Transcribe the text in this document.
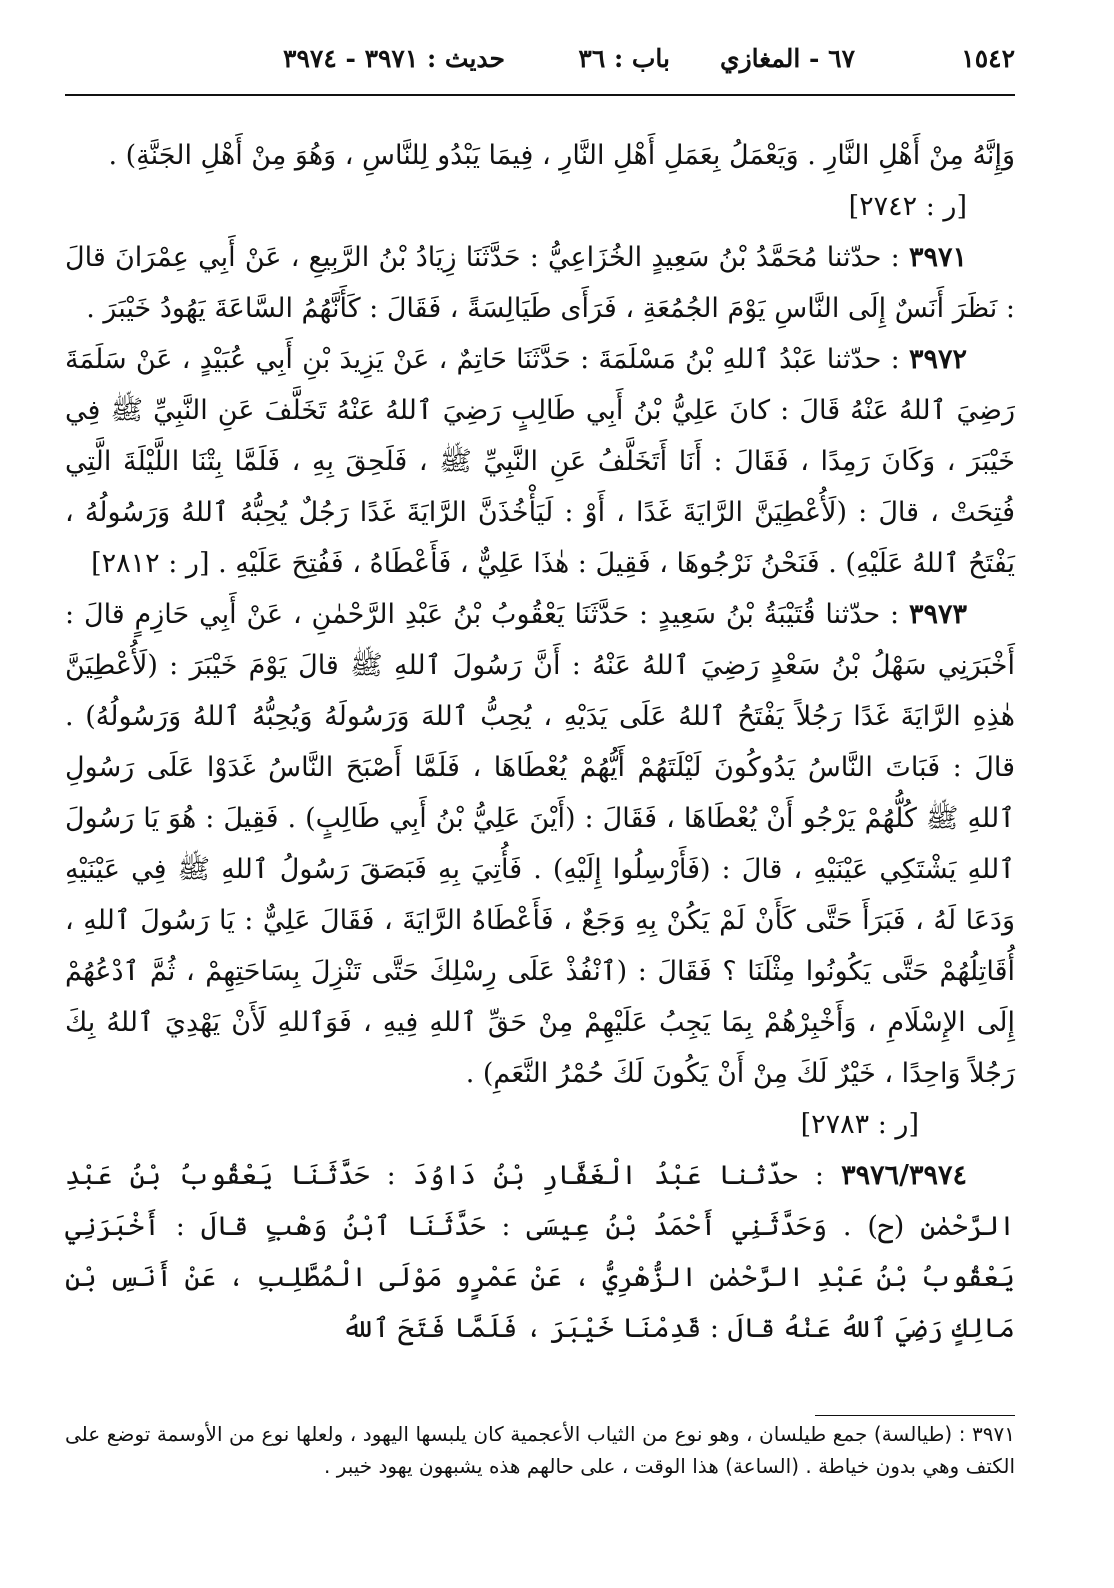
١٥٤٢
٦٧ - المغازي
باب : ٣٦
حديث : ٣٩٧١ - ٣٩٧٤

وَإِنَّهُ مِنْ أَهْلِ النَّارِ . وَيَعْمَلُ بِعَمَلِ أَهْلِ النَّارِ ، فِيمَا يَبْدُو لِلنَّاسِ ، وَهُوَ مِنْ أَهْلِ الجَنَّةِ) .
[ر : ٢٧٤٢]

٣٩٧١ : حدّثنا مُحَمَّدُ بْنُ سَعِيدٍ الخُزَاعِيُّ : حَدَّثَنَا زِيَادُ بْنُ الرَّبِيعِ ، عَنْ أَبِي عِمْرَانَ قالَ : نَظَرَ أَنَسٌ إِلَى النَّاسِ يَوْمَ الجُمُعَةِ ، فَرَأَى طَيَالِسَةً ، فَقَالَ : كَأَنَّهُمُ السَّاعَةَ يَهُودُ خَيْبَرَ .

٣٩٧٢ : حدّثنا عَبْدُ ٱللهِ بْنُ مَسْلَمَةَ : حَدَّثَنَا حَاتِمٌ ، عَنْ يَزِيدَ بْنِ أَبِي عُبَيْدٍ ، عَنْ سَلَمَةَ رَضِيَ ٱللهُ عَنْهُ قَالَ : كانَ عَلِيُّ بْنُ أَبِي طَالِبٍ رَضِيَ ٱللهُ عَنْهُ تَخَلَّفَ عَنِ النَّبِيِّ ﷺ فِي خَيْبَرَ ، وَكَانَ رَمِدًا ، فَقَالَ : أَنَا أَتَخَلَّفُ عَنِ النَّبِيِّ ﷺ ، فَلَحِقَ بِهِ ، فَلَمَّا بِتْنَا اللَّيْلَةَ الَّتِي فُتِحَتْ ، قالَ : (لَأُعْطِيَنَّ الرَّايَةَ غَدًا ، أَوْ : لَيَأْخُذَنَّ الرَّايَةَ غَدًا رَجُلٌ يُحِبُّهُ ٱللهُ وَرَسُولُهُ ، يَفْتَحُ ٱللهُ عَلَيْهِ) . فَنَحْنُ نَرْجُوهَا ، فَقِيلَ : هٰذَا عَلِيٌّ ، فَأَعْطَاهُ ، فَفُتِحَ عَلَيْهِ . [ر : ٢٨١٢]

٣٩٧٣ : حدّثنا قُتَيْبَةُ بْنُ سَعِيدٍ : حَدَّثَنَا يَعْقُوبُ بْنُ عَبْدِ الرَّحْمٰنِ ، عَنْ أَبِي حَازِمٍ قالَ : أَخْبَرَنِي سَهْلُ بْنُ سَعْدٍ رَضِيَ ٱللهُ عَنْهُ : أَنَّ رَسُولَ ٱللهِ ﷺ قالَ يَوْمَ خَيْبَرَ : (لَأُعْطِيَنَّ هٰذِهِ الرَّايَةَ غَدًا رَجُلاً يَفْتَحُ ٱللهُ عَلَى يَدَيْهِ ، يُحِبُّ ٱللهَ وَرَسُولَهُ وَيُحِبُّهُ ٱللهُ وَرَسُولُهُ) . قالَ : فَبَاتَ النَّاسُ يَدُوكُونَ لَيْلَتَهُمْ أَيُّهُمْ يُعْطَاهَا ، فَلَمَّا أَصْبَحَ النَّاسُ غَدَوْا عَلَى رَسُولِ ٱللهِ ﷺ كُلُّهُمْ يَرْجُو أَنْ يُعْطَاهَا ، فَقَالَ : (أَيْنَ عَلِيُّ بْنُ أَبِي طَالِبٍ) . فَقِيلَ : هُوَ يَا رَسُولَ ٱللهِ يَشْتَكِي عَيْنَيْهِ ، قالَ : (فَأَرْسِلُوا إِلَيْهِ) . فَأُتِيَ بِهِ فَبَصَقَ رَسُولُ ٱللهِ ﷺ فِي عَيْنَيْهِ وَدَعَا لَهُ ، فَبَرَأَ حَتَّى كَأَنْ لَمْ يَكُنْ بِهِ وَجَعٌ ، فَأَعْطَاهُ الرَّايَةَ ، فَقَالَ عَلِيٌّ : يَا رَسُولَ ٱللهِ ، أُقَاتِلُهُمْ حَتَّى يَكُونُوا مِثْلَنَا ؟ فَقَالَ : (ٱنْفُذْ عَلَى رِسْلِكَ حَتَّى تَنْزِلَ بِسَاحَتِهِمْ ، ثُمَّ ٱدْعُهُمْ إِلَى الإِسْلَامِ ، وَأَخْبِرْهُمْ بِمَا يَجِبُ عَلَيْهِمْ مِنْ حَقِّ ٱللهِ فِيهِ ، فَوَٱللهِ لَأَنْ يَهْدِيَ ٱللهُ بِكَ رَجُلاً وَاحِدًا ، خَيْرٌ لَكَ مِنْ أَنْ يَكُونَ لَكَ حُمْرُ النَّعَمِ) .
[ر : ٢٧٨٣]

٣٩٧٦/٣٩٧٤ : حدّثنا عَبْدُ الْغَفَّارِ بْنُ دَاوُدَ : حَدَّثَنَا يَعْقُوبُ بْنُ عَبْدِ الرَّحْمٰنِ (ح) . وَحَدَّثَنِي أَحْمَدُ بْنُ عِيسَى : حَدَّثَنَا ٱبْنُ وَهْبٍ قالَ : أَخْبَرَنِي يَعْقُوبُ بْنُ عَبْدِ الرَّحْمٰنِ الزُّهْرِيُّ ، عَنْ عَمْرٍو مَوْلَى الْمُطَّلِبِ ، عَنْ أَنَسِ بْنِ مَالِكٍ رَضِيَ ٱللهُ عَنْهُ قالَ : قَدِمْنَا خَيْبَرَ ، فَلَمَّا فَتَحَ ٱللهُ

٣٩٧١ : (طيالسة) جمع طيلسان ، وهو نوع من الثياب الأعجمية كان يلبسها اليهود ، ولعلها نوع من الأوسمة توضع على الكتف وهي بدون خياطة . (الساعة) هذا الوقت ، على حالهم هذه يشبهون يهود خيبر .
